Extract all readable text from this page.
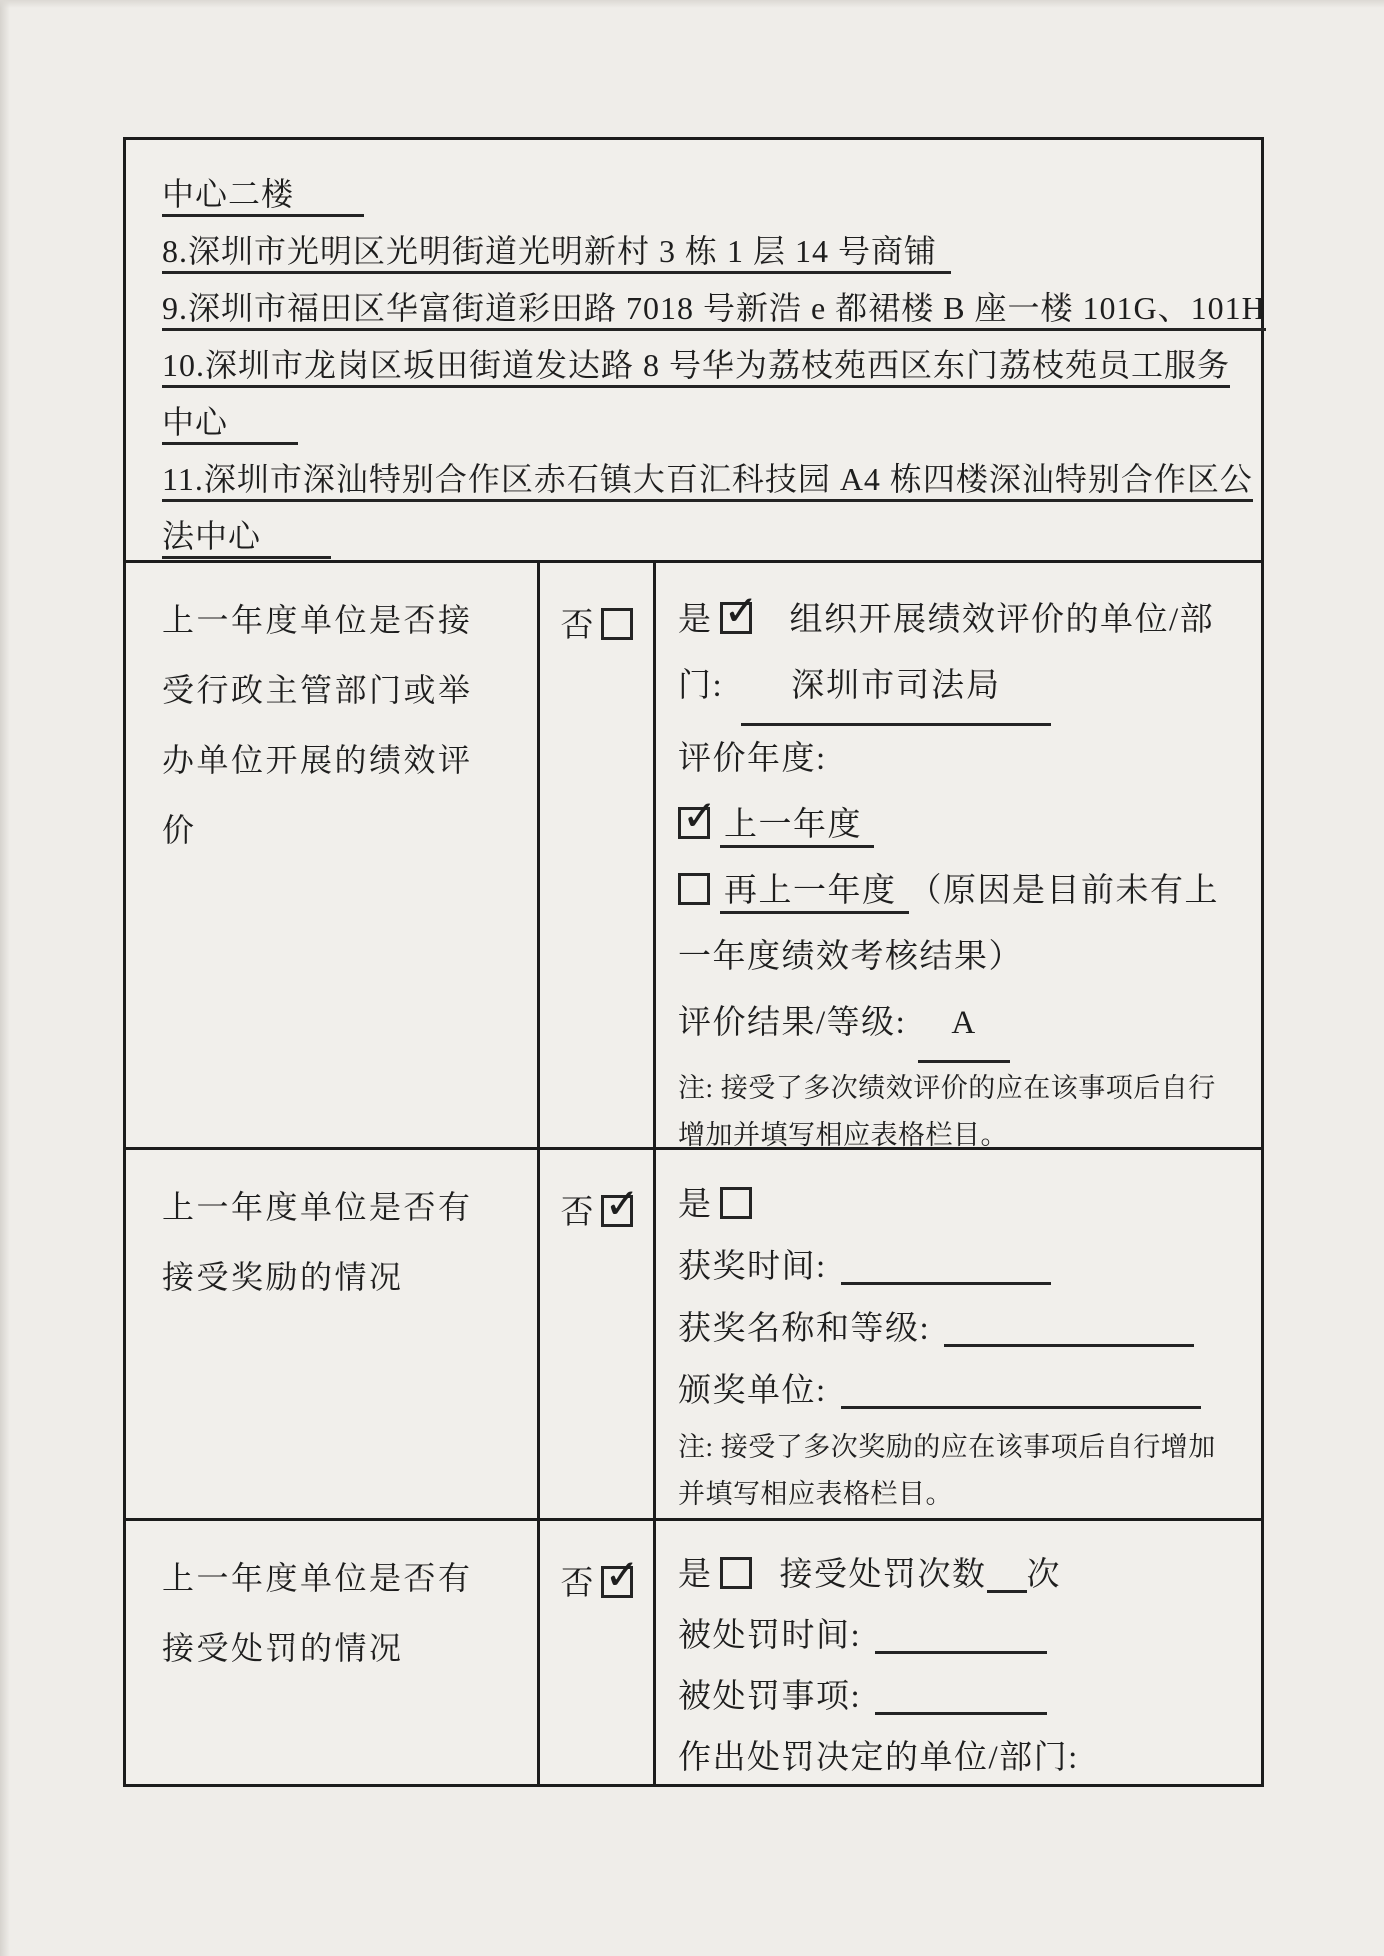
中心二楼
8.深圳市光明区光明街道光明新村 3 栋 1 层 14 号商铺
9.深圳市福田区华富街道彩田路 7018 号新浩 e 都裙楼 B 座一楼 101G、101H
10.深圳市龙岗区坂田街道发达路 8 号华为荔枝苑西区东门荔枝苑员工服务
中心
11.深圳市深汕特别合作区赤石镇大百汇科技园 A4 栋四楼深汕特别合作区公
法中心
上一年度单位是否接受行政主管部门或举办单位开展的绩效评价
否	是 ✓ 组织开展绩效评价的单位/部
门: 深圳市司法局
评价年度:
✓ 上一年度
再上一年度 （原因是目前未有上
一年度绩效考核结果）
评价结果/等级: A
注: 接受了多次绩效评价的应在该事项后自行增加并填写相应表格栏目。
上一年度单位是否有接受奖励的情况
否 ✓ 是
获奖时间:
获奖名称和等级:
颁奖单位:
注: 接受了多次奖励的应在该事项后自行增加并填写相应表格栏目。
上一年度单位是否有接受处罚的情况
否 ✓ 是 接受处罚次数 次
被处罚时间:
被处罚事项:
作出处罚决定的单位/部门:
